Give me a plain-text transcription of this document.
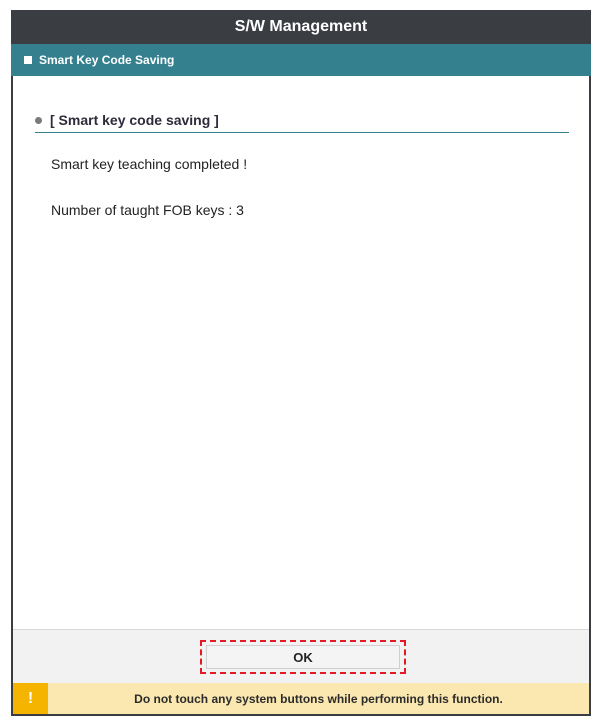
S/W Management
Smart Key Code Saving
[ Smart key code saving ]
Smart key teaching completed !
Number of taught FOB keys : 3
OK
!	Do not touch any system buttons while performing this function.
